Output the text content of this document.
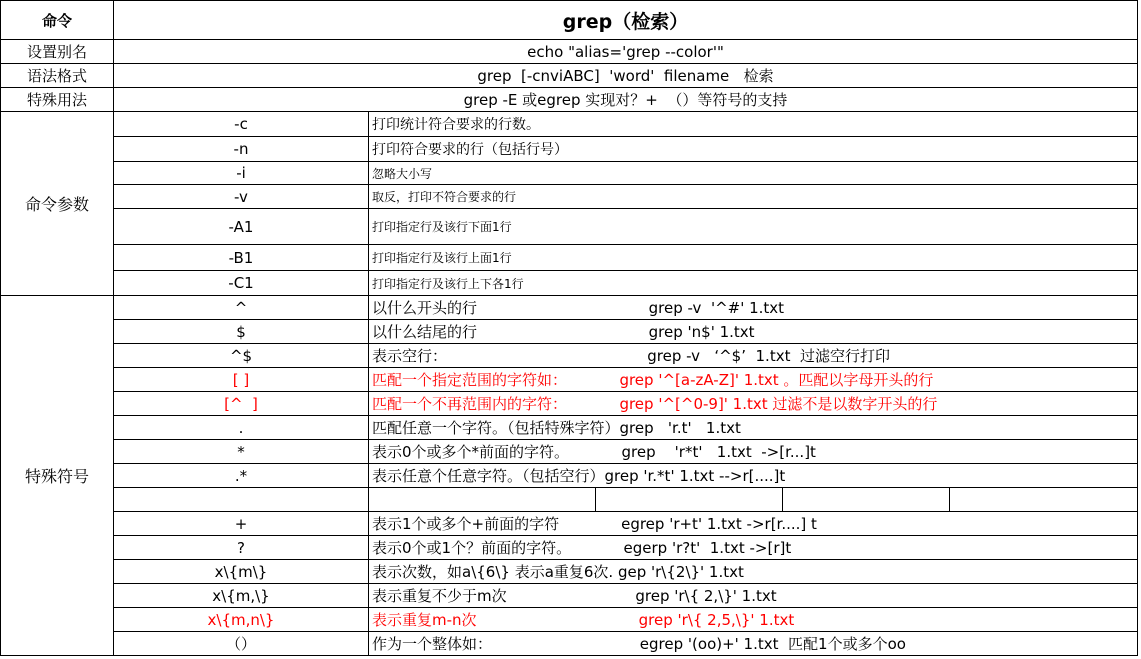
命令	grep（检索）
设置别名	echo "alias='grep --color'"
语法格式	grep  [-cnviABC]  'word'  filename   检索
特殊用法	grep -E 或egrep 实现对？+  （）等符号的支持
命令参数
-c	打印统计符合要求的行数。
-n	打印符合要求的行（包括行号）
-i	忽略大小写
-v	取反，打印不符合要求的行
-A1	打印指定行及该行下面1行
-B1	打印指定行及该行上面1行
-C1	打印指定行及该行上下各1行
特殊符号
^	以什么开头的行                                    grep -v  '^#' 1.txt
$	以什么结尾的行                                    grep 'n$' 1.txt
^$	表示空行：                                          grep -v   ‘^$’  1.txt  过滤空行打印
[ ]	匹配一个指定范围的字符如：           grep '^[a-zA-Z]' 1.txt 。匹配以字母开头的行
[^  ]	匹配一个不再范围内的字符：           grep '^[^0-9]' 1.txt 过滤不是以数字开头的行
.	匹配任意一个字符。（包括特殊字符）grep   'r.t'   1.txt
*	表示0个或多个*前面的字符。           grep    'r*t'   1.txt  ->[r...]t
.*	表示任意个任意字符。（包括空行）grep 'r.*t' 1.txt -->r[....]t
+	表示1个或多个+前面的字符             egrep 'r+t' 1.txt ->r[r....] t
?	表示0个或1个？前面的字符。           egerp 'r?t'  1.txt ->[r]t
x\{m\}	表示次数，如a\{6\} 表示a重复6次. gep 'r\{2\}' 1.txt
x\{m,\}	表示重复不少于m次                           grep 'r\{ 2,\}' 1.txt
x\{m,n\}	表示重复m-n次                                  grep 'r\{ 2,5,\}' 1.txt
（）	作为一个整体如：                               egrep '(oo)+' 1.txt  匹配1个或多个oo
